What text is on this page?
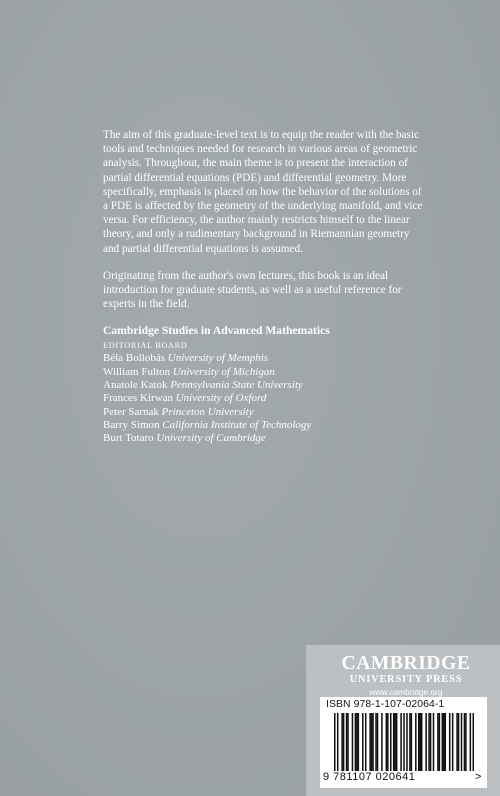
The aim of this graduate-level text is to equip the reader with the basic tools and techniques needed for research in various areas of geometric analysis. Throughout, the main theme is to present the interaction of partial differential equations (PDE) and differential geometry. More specifically, emphasis is placed on how the behavior of the solutions of a PDE is affected by the geometry of the underlying manifold, and vice versa. For efficiency, the author mainly restricts himself to the linear theory, and only a rudimentary background in Riemannian geometry and partial differential equations is assumed.

Originating from the author's own lectures, this book is an ideal introduction for graduate students, as well as a useful reference for experts in the field.

Cambridge Studies in Advanced Mathematics
EDITORIAL BOARD
Béla Bollobás University of Memphis
William Fulton University of Michigan
Anatole Katok Pennsylvania State University
Frances Kirwan University of Oxford
Peter Sarnak Princeton University
Barry Simon California Institute of Technology
Burt Totaro University of Cambridge
CAMBRIDGE
UNIVERSITY PRESS
www.cambridge.org
ISBN 978-1-107-02064-1
9 781107 020641	>
